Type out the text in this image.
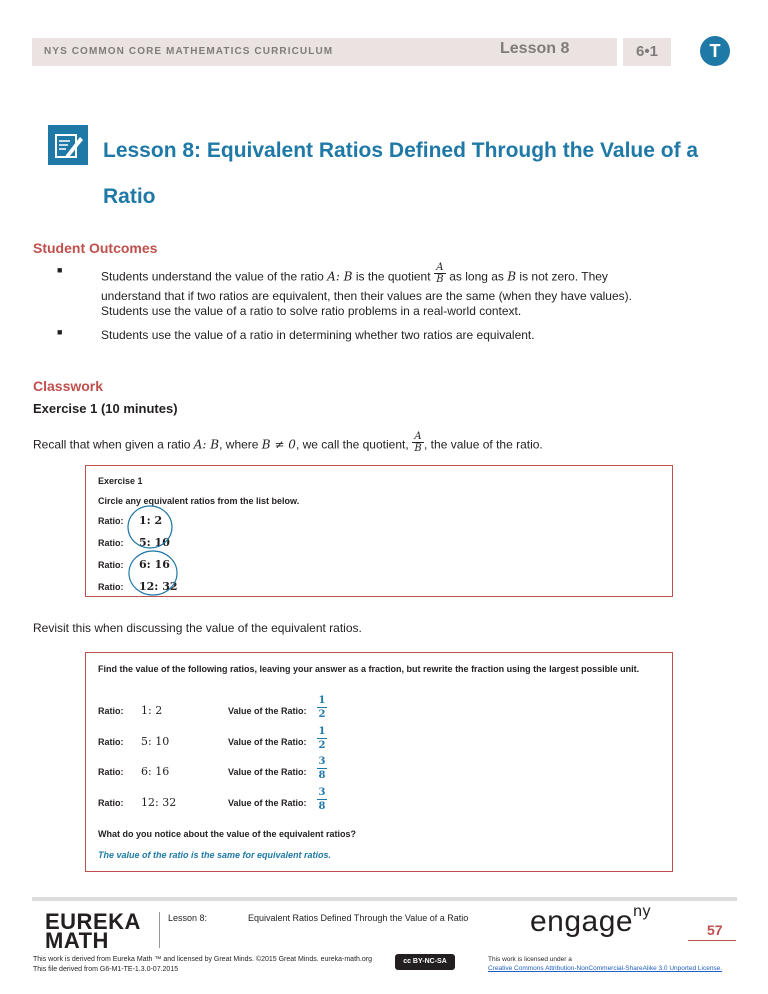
NYS COMMON CORE MATHEMATICS CURRICULUM	Lesson 8	6•1	T
Lesson 8: Equivalent Ratios Defined Through the Value of a
Ratio
Student Outcomes
■	Students understand the value of the ratio A: B is the quotient $\frac{A}{B}$ as long as B is not zero. They understand that if two ratios are equivalent, then their values are the same (when they have values). Students use the value of a ratio to solve ratio problems in a real-world context.
■	Students use the value of a ratio in determining whether two ratios are equivalent.
Classwork
Exercise 1 (10 minutes)
Recall that when given a ratio A: B, where B ≠ 0, we call the quotient, $\frac{A}{B}$ , the value of the ratio.
Exercise 1
Circle any equivalent ratios from the list below.
Ratio: 1: 2
Ratio: 5: 10
Ratio: 6: 16
Ratio: 12: 32
Revisit this when discussing the value of the equivalent ratios.
Find the value of the following ratios, leaving your answer as a fraction, but rewrite the fraction using the largest possible unit.
Ratio: 1: 2	Value of the Ratio:
1
2
Ratio: 5: 10	Value of the Ratio:
1
2
Ratio: 6: 16	Value of the Ratio:
3
8
Ratio: 12: 32	Value of the Ratio:
3
8
What do you notice about the value of the equivalent ratios?
The value of the ratio is the same for equivalent ratios.
EUREKA
MATH
Lesson 8:	Equivalent Ratios Defined Through the Value of a Ratio engage$^{ny}$
57
This work is derived from Eureka Math ™ and licensed by Great Minds. ©2015 Great Minds. eureka-math.org
This file derived from G6-M1-TE-1.3.0-07.2015
cc BY-NC-SA	This work is licensed under a
Creative Commons Attribution-NonCommercial-ShareAlike 3.0 Unported License.
